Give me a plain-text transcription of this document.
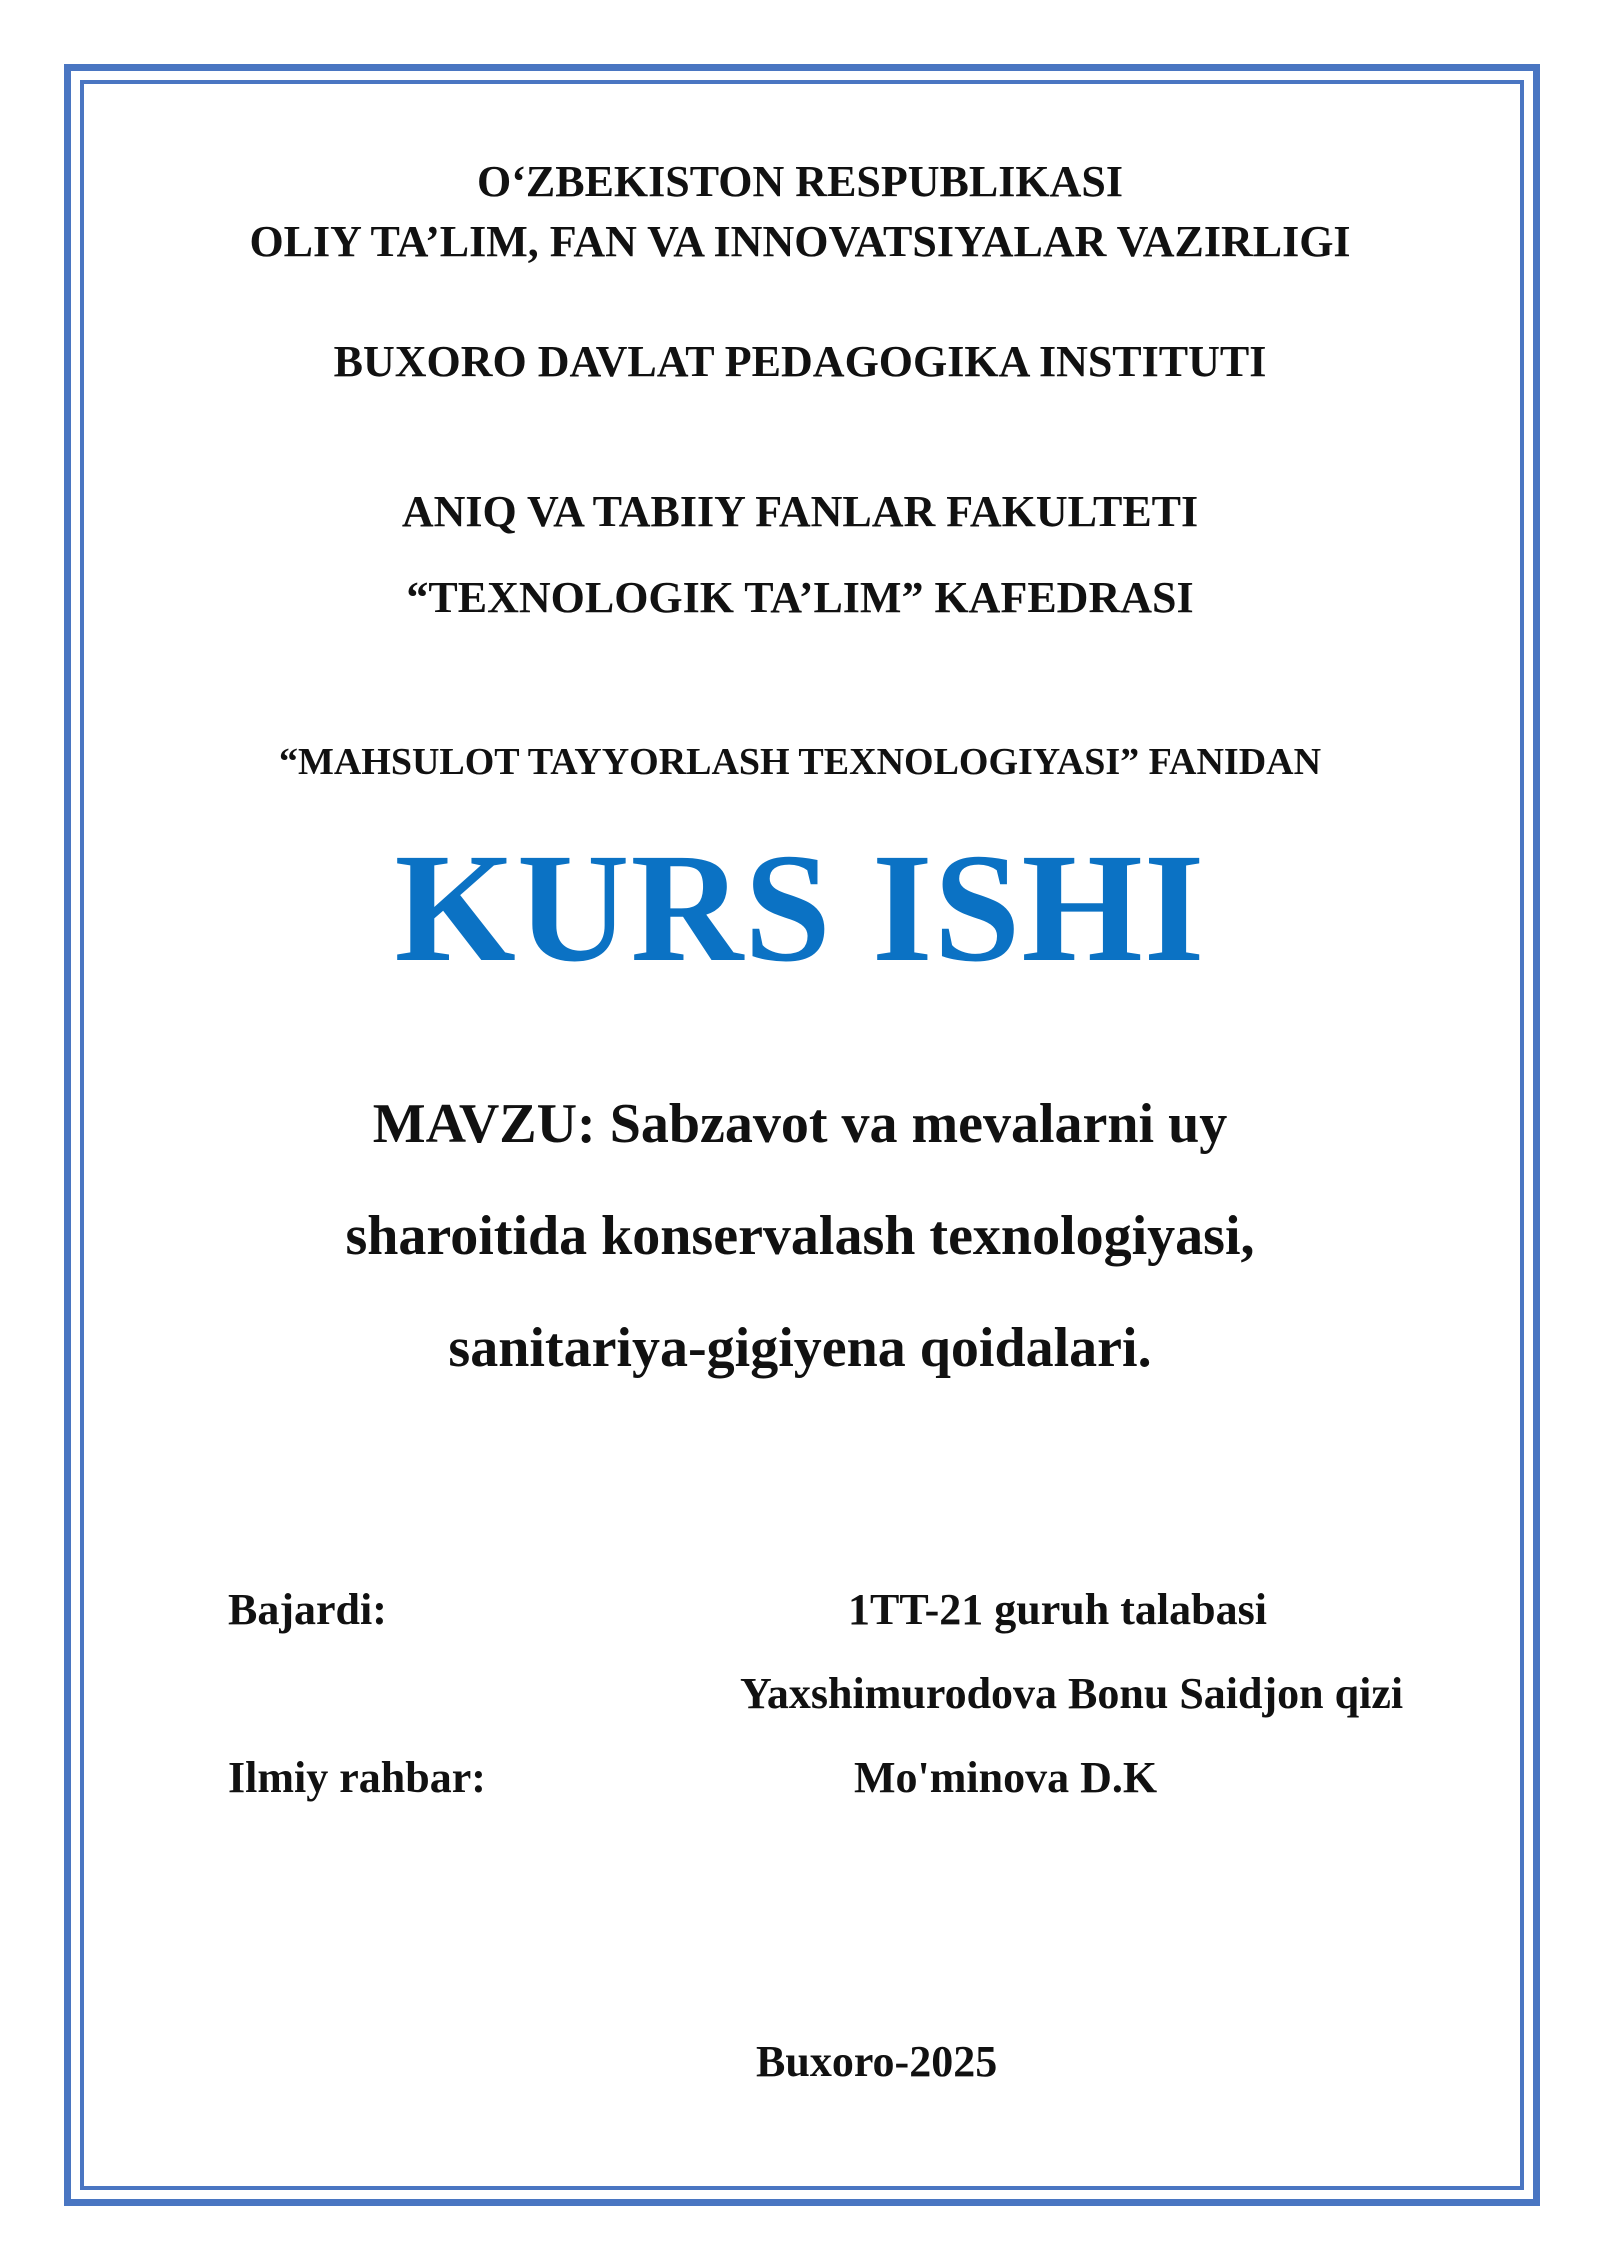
O‘ZBEKISTON RESPUBLIKASI
OLIY TA’LIM, FAN VA INNOVATSIYALAR VAZIRLIGI
BUXORO DAVLAT PEDAGOGIKA INSTITUTI
ANIQ VA TABIIY FANLAR FAKULTETI
“TEXNOLOGIK TA’LIM” KAFEDRASI
“MAHSULOT TAYYORLASH TEXNOLOGIYASI” FANIDAN
KURS ISHI
MAVZU: Sabzavot va mevalarni uy
sharoitida konservalash texnologiyasi,
sanitariya-gigiyena qoidalari.
Bajardi:	1TT-21 guruh talabasi
Yaxshimurodova Bonu Saidjon qizi
Ilmiy rahbar:	Mo'minova D.K
Buxoro-2025
